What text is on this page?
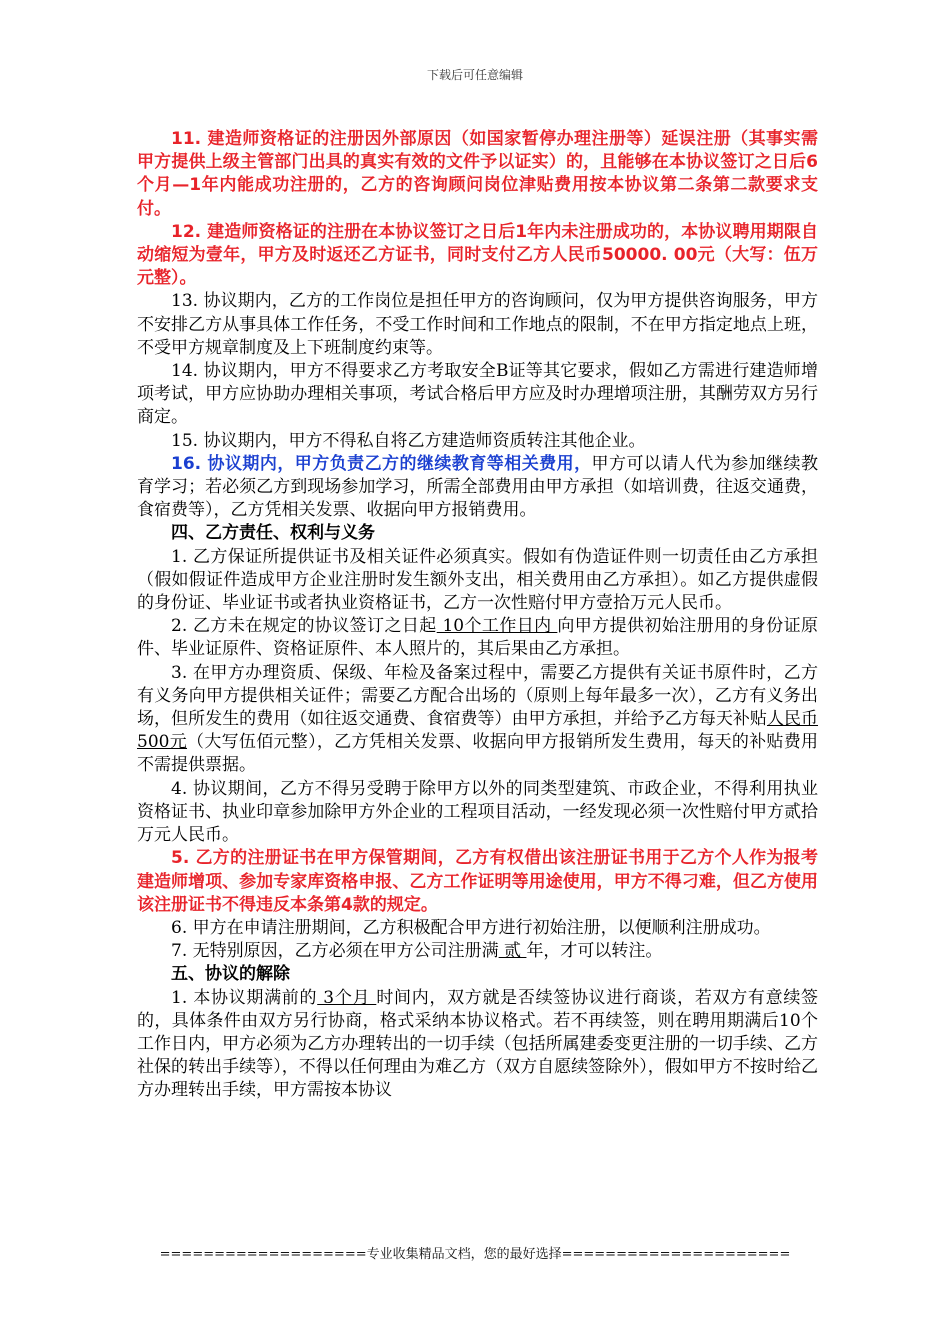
下载后可任意编辑

11. 建造师资格证的注册因外部原因（如国家暂停办理注册等）延误注册（其事实需甲方提供上级主管部门出具的真实有效的文件予以证实）的，且能够在本协议签订之日后6个月—1年内能成功注册的，乙方的咨询顾问岗位津贴费用按本协议第二条第二款要求支付。

12. 建造师资格证的注册在本协议签订之日后1年内未注册成功的，本协议聘用期限自动缩短为壹年，甲方及时返还乙方证书，同时支付乙方人民币50000. 00元（大写：伍万元整）。

13. 协议期内，乙方的工作岗位是担任甲方的咨询顾问，仅为甲方提供咨询服务，甲方不安排乙方从事具体工作任务，不受工作时间和工作地点的限制，不在甲方指定地点上班，不受甲方规章制度及上下班制度约束等。

14. 协议期内，甲方不得要求乙方考取安全B证等其它要求，假如乙方需进行建造师增项考试，甲方应协助办理相关事项，考试合格后甲方应及时办理增项注册，其酬劳双方另行商定。

15. 协议期内，甲方不得私自将乙方建造师资质转注其他企业。

16. 协议期内，甲方负责乙方的继续教育等相关费用，甲方可以请人代为参加继续教育学习；若必须乙方到现场参加学习，所需全部费用由甲方承担（如培训费，往返交通费，食宿费等），乙方凭相关发票、收据向甲方报销费用。

四、乙方责任、权利与义务

1. 乙方保证所提供证书及相关证件必须真实。假如有伪造证件则一切责任由乙方承担（假如假证件造成甲方企业注册时发生额外支出，相关费用由乙方承担）。如乙方提供虚假的身份证、毕业证书或者执业资格证书，乙方一次性赔付甲方壹拾万元人民币。

2. 乙方未在规定的协议签订之日起 10个工作日内 向甲方提供初始注册用的身份证原件、毕业证原件、资格证原件、本人照片的，其后果由乙方承担。

3. 在甲方办理资质、保级、年检及备案过程中，需要乙方提供有关证书原件时，乙方有义务向甲方提供相关证件；需要乙方配合出场的（原则上每年最多一次），乙方有义务出场，但所发生的费用（如往返交通费、食宿费等）由甲方承担，并给予乙方每天补贴人民币500元（大写伍佰元整），乙方凭相关发票、收据向甲方报销所发生费用，每天的补贴费用不需提供票据。

4. 协议期间，乙方不得另受聘于除甲方以外的同类型建筑、市政企业，不得利用执业资格证书、执业印章参加除甲方外企业的工程项目活动，一经发现必须一次性赔付甲方贰拾万元人民币。

5. 乙方的注册证书在甲方保管期间，乙方有权借出该注册证书用于乙方个人作为报考建造师增项、参加专家库资格申报、乙方工作证明等用途使用，甲方不得刁难，但乙方使用该注册证书不得违反本条第4款的规定。

6. 甲方在申请注册期间，乙方积极配合甲方进行初始注册，以便顺利注册成功。

7. 无特别原因，乙方必须在甲方公司注册满 贰 年，才可以转注。

五、协议的解除

1. 本协议期满前的 3个月 时间内，双方就是否续签协议进行商谈，若双方有意续签的，具体条件由双方另行协商，格式采纳本协议格式。若不再续签，则在聘用期满后10个工作日内，甲方必须为乙方办理转出的一切手续（包括所属建委变更注册的一切手续、乙方社保的转出手续等），不得以任何理由为难乙方（双方自愿续签除外），假如甲方不按时给乙方办理转出手续，甲方需按本协议

===================专业收集精品文档，您的最好选择=====================
